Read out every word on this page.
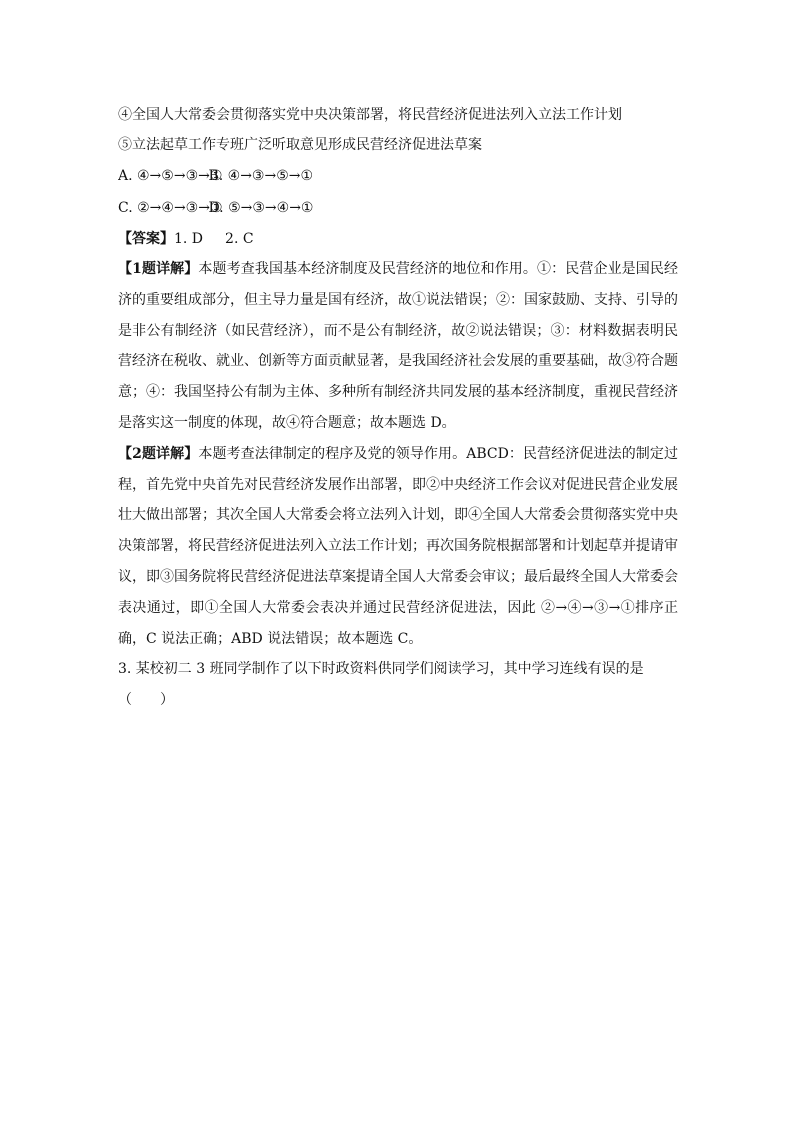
④全国人大常委会贯彻落实党中央决策部署，将民营经济促进法列入立法工作计划
⑤立法起草工作专班广泛听取意见形成民营经济促进法草案
A. ④→⑤→③→① B. ④→③→⑤→①
C. ②→④→③→① D. ⑤→③→④→①
【答案】1. D 2. C
【1题详解】本题考查我国基本经济制度及民营经济的地位和作用。①：民营企业是国民经济的重要组成部分，但主导力量是国有经济，故①说法错误；②：国家鼓励、支持、引导的是非公有制经济（如民营经济），而不是公有制经济，故②说法错误；③：材料数据表明民营经济在税收、就业、创新等方面贡献显著，是我国经济社会发展的重要基础，故③符合题意；④：我国坚持公有制为主体、多种所有制经济共同发展的基本经济制度，重视民营经济是落实这一制度的体现，故④符合题意；故本题选 D。
【2题详解】本题考查法律制定的程序及党的领导作用。ABCD：民营经济促进法的制定过程，首先党中央首先对民营经济发展作出部署，即②中央经济工作会议对促进民营企业发展壮大做出部署；其次全国人大常委会将立法列入计划，即④全国人大常委会贯彻落实党中央决策部署，将民营经济促进法列入立法工作计划；再次国务院根据部署和计划起草并提请审议，即③国务院将民营经济促进法草案提请全国人大常委会审议；最后最终全国人大常委会表决通过，即①全国人大常委会表决并通过民营经济促进法，因此 ②→④→③→①排序正确，C 说法正确；ABD 说法错误；故本题选 C。
3. 某校初二 3 班同学制作了以下时政资料供同学们阅读学习，其中学习连线有误的是（　　）
